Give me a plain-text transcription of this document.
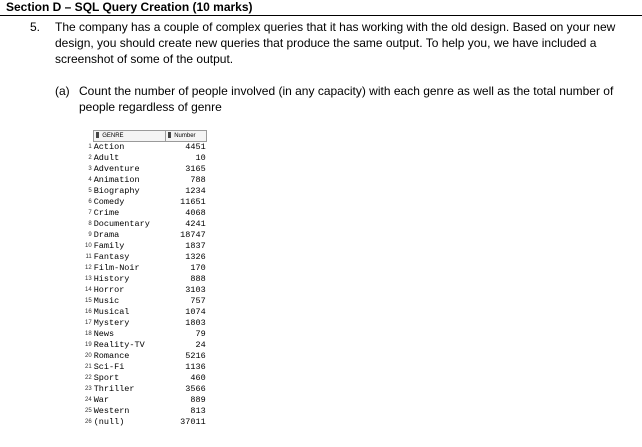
Section D – SQL Query Creation (10 marks)
5. The company has a couple of complex queries that it has working with the old design. Based on your new design, you should create new queries that produce the same output. To help you, we have included a screenshot of some of the output.
(a) Count the number of people involved (in any capacity) with each genre as well as the total number of people regardless of genre
	GENRE	Number
1	Action	4451
2	Adult	10
3	Adventure	3165
4	Animation	788
5	Biography	1234
6	Comedy	11651
7	Crime	4068
8	Documentary	4241
9	Drama	18747
10	Family	1837
11	Fantasy	1326
12	Film-Noir	170
13	History	888
14	Horror	3103
15	Music	757
16	Musical	1074
17	Mystery	1803
18	News	79
19	Reality-TV	24
20	Romance	5216
21	Sci-Fi	1136
22	Sport	460
23	Thriller	3566
24	War	889
25	Western	813
26	(null)	37011
